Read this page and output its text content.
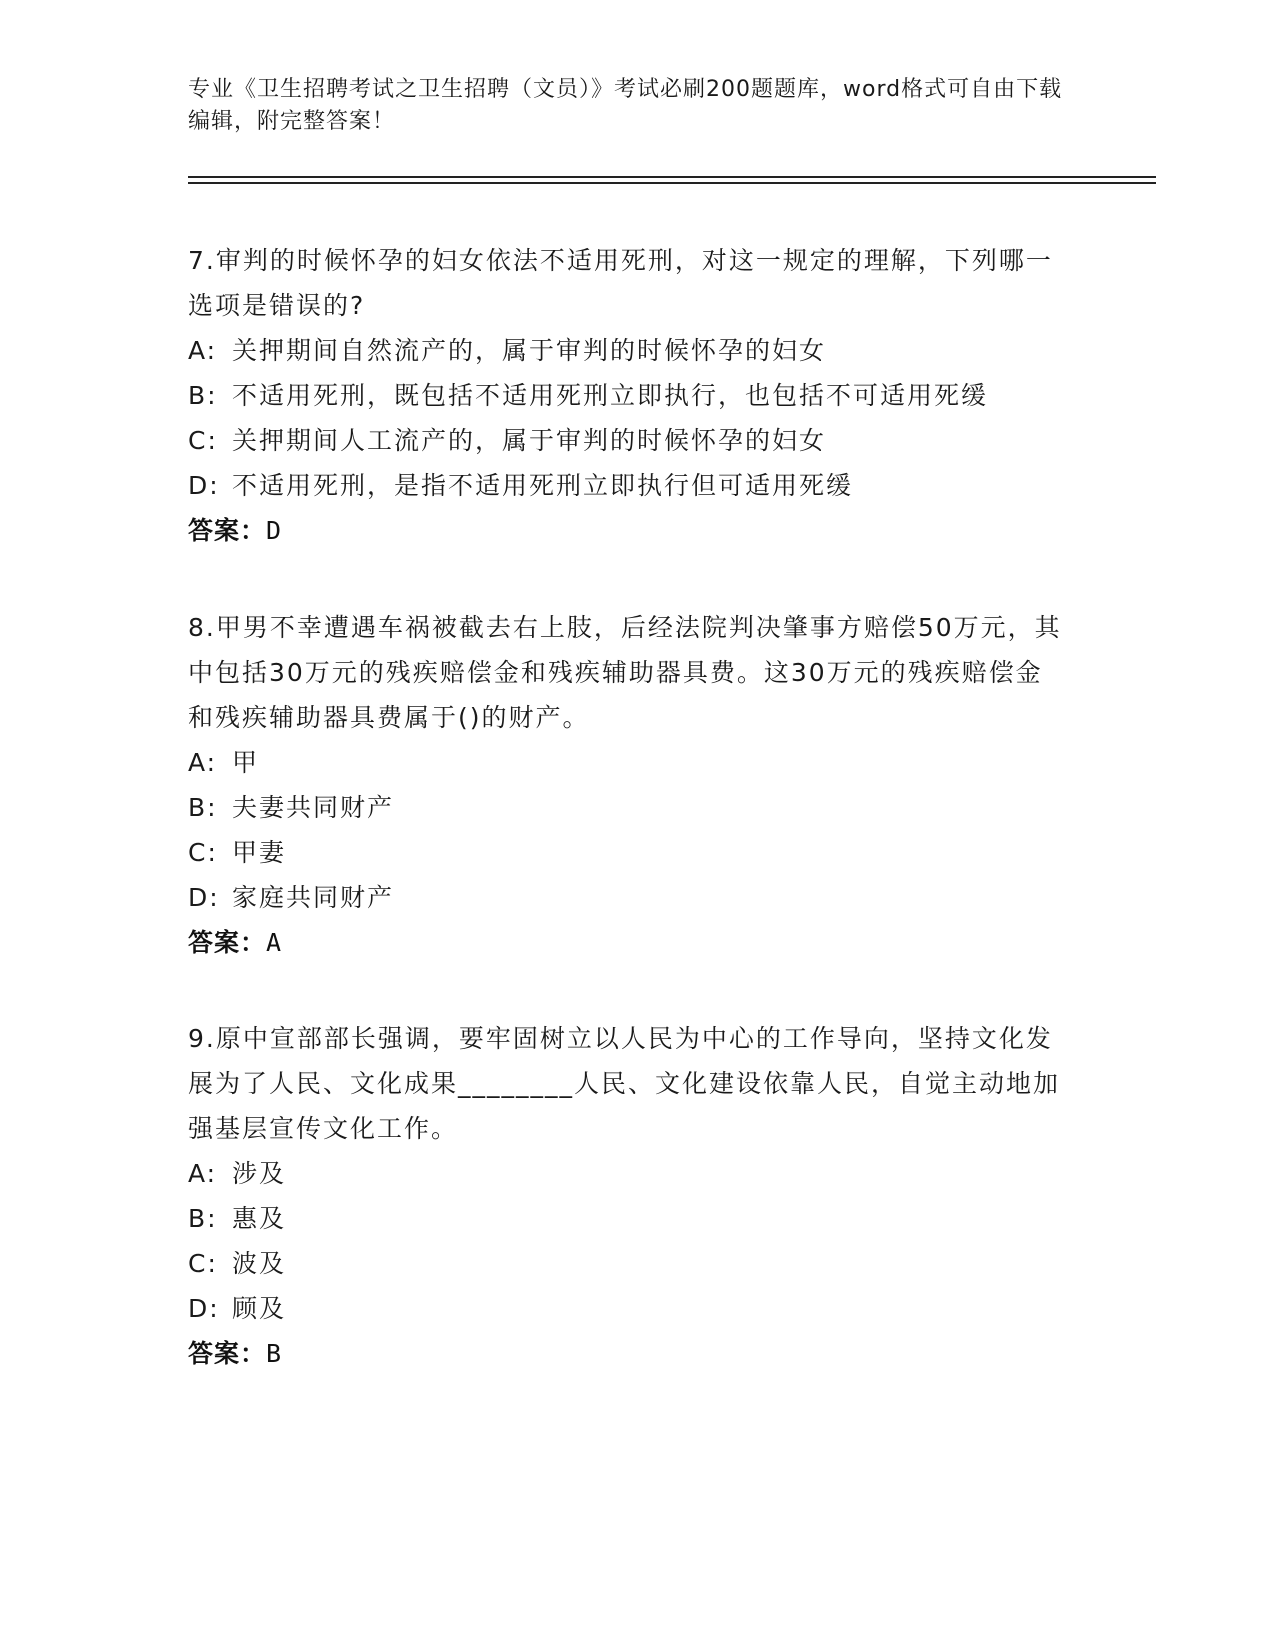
专业《卫生招聘考试之卫生招聘（文员）》考试必刷200题题库，word格式可自由下载编辑，附完整答案！

7.审判的时候怀孕的妇女依法不适用死刑，对这一规定的理解，下列哪一选项是错误的?

A: 关押期间自然流产的，属于审判的时候怀孕的妇女
B: 不适用死刑，既包括不适用死刑立即执行，也包括不可适用死缓
C: 关押期间人工流产的，属于审判的时候怀孕的妇女
D: 不适用死刑，是指不适用死刑立即执行但可适用死缓

答案：D

8.甲男不幸遭遇车祸被截去右上肢，后经法院判决肇事方赔偿50万元，其中包括30万元的残疾赔偿金和残疾辅助器具费。这30万元的残疾赔偿金和残疾辅助器具费属于()的财产。

A: 甲
B: 夫妻共同财产
C: 甲妻
D: 家庭共同财产

答案：A

9.原中宣部部长强调，要牢固树立以人民为中心的工作导向，坚持文化发展为了人民、文化成果________人民、文化建设依靠人民，自觉主动地加强基层宣传文化工作。

A: 涉及
B: 惠及
C: 波及
D: 顾及

答案：B
